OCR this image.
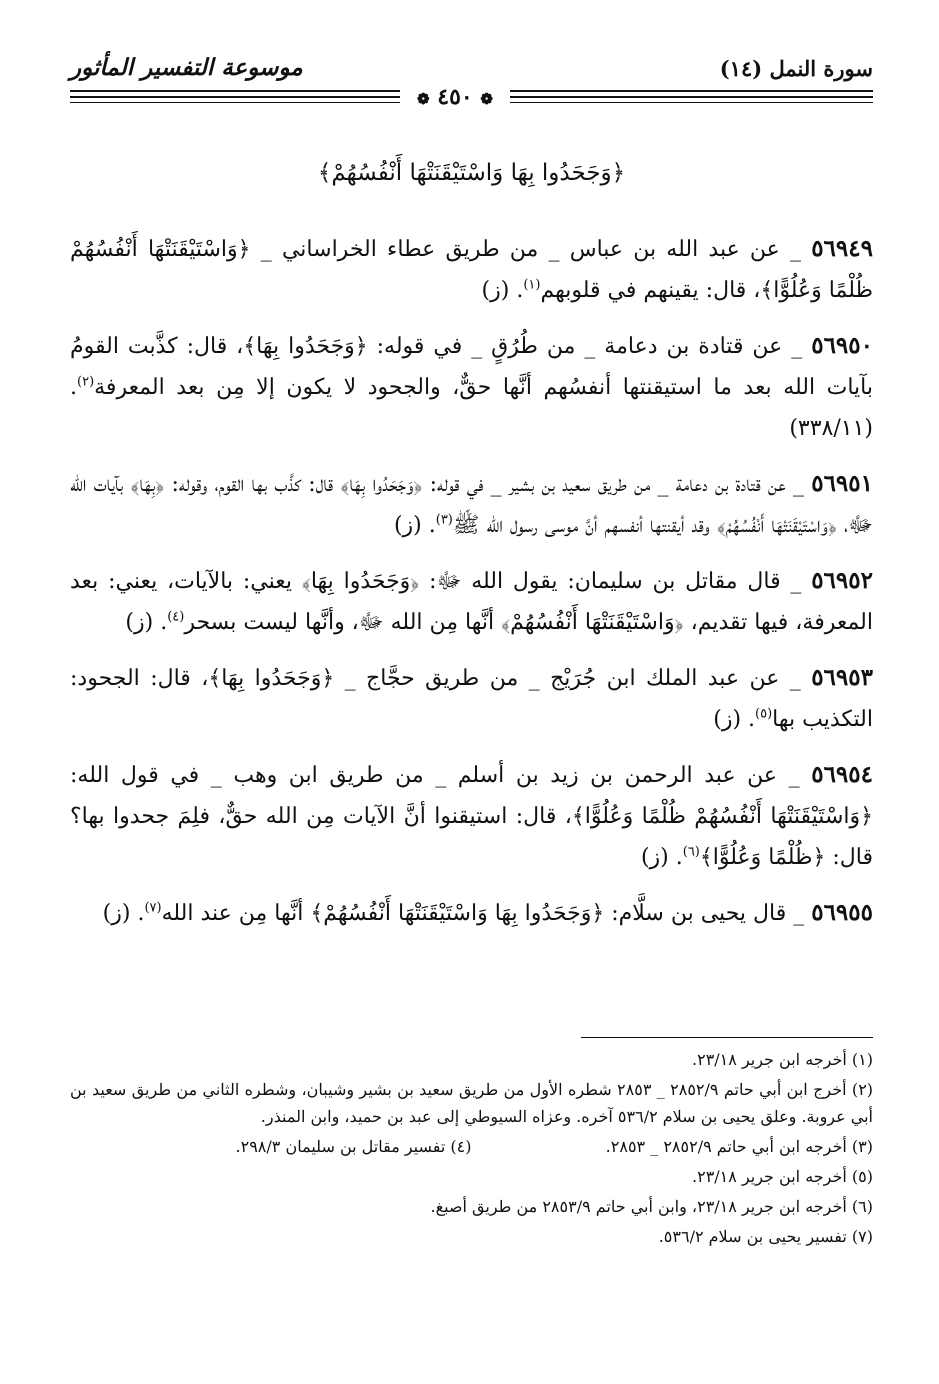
سورة النمل (١٤)
موسوعة التفسير المأثور
❁ ٤٥٠ ❁
﴿وَجَحَدُوا بِهَا وَاسْتَيْقَنَتْهَا أَنْفُسُهُمْ﴾

٥٦٩٤٩ _ عن عبد الله بن عباس _ من طريق عطاء الخراساني _ ﴿وَاسْتَيْقَنَتْهَا أَنْفُسُهُمْ ظُلْمًا وَعُلُوًّا﴾، قال: يقينهم في قلوبهم$^{(١)}$. (ز)

٥٦٩٥٠ _ عن قتادة بن دعامة _ من طُرُقٍ _ في قوله: ﴿وَجَحَدُوا بِهَا﴾، قال: كذَّبت القومُ بآيات الله بعد ما استيقنتها أنفسُهم أنَّها حقٌّ، والجحود لا يكون إلا مِن بعد المعرفة$^{(٢)}$. (٣٣٨/١١)

٥٦٩٥١ _ عن قتادة بن دعامة _ من طريق سعيد بن بشير _ في قوله: ﴿وَجَحَدُوا بِهَا﴾ قال: كذَّب بها القوم، وقوله: ﴿بِهَا﴾ بآيات الله ﷻ، ﴿وَاسْتَيْقَنَتْهَا أَنْفُسُهُمْ﴾ وقد أيقنتها أنفسهم أنَّ موسى رسول الله ﷺ$^{(٣)}$. (ز)

٥٦٩٥٢ _ قال مقاتل بن سليمان: يقول الله ﷻ: ﴿وَجَحَدُوا بِهَا﴾ يعني: بالآيات، يعني: بعد المعرفة، فيها تقديم، ﴿وَاسْتَيْقَنَتْهَا أَنْفُسُهُمْ﴾ أنَّها مِن الله ﷻ، وأنَّها ليست بسحر$^{(٤)}$. (ز)

٥٦٩٥٣ _ عن عبد الملك ابن جُرَيْج _ من طريق حجَّاج _ ﴿وَجَحَدُوا بِهَا﴾، قال: الجحود: التكذيب بها$^{(٥)}$. (ز)

٥٦٩٥٤ _ عن عبد الرحمن بن زيد بن أسلم _ من طريق ابن وهب _ في قول الله: ﴿وَاسْتَيْقَنَتْهَا أَنْفُسُهُمْ ظُلْمًا وَعُلُوًّا﴾، قال: استيقنوا أنَّ الآيات مِن الله حقٌّ، فلِمَ جحدوا بها؟ قال: ﴿ظُلْمًا وَعُلُوًّا﴾$^{(٦)}$. (ز)

٥٦٩٥٥ _ قال يحيى بن سلَّام: ﴿وَجَحَدُوا بِهَا وَاسْتَيْقَنَتْهَا أَنْفُسُهُمْ﴾ أنَّها مِن عند الله$^{(٧)}$. (ز)

(١) أخرجه ابن جرير ٢٣/١٨.

(٢) أخرج ابن أبي حاتم ٢٨٥٢/٩ _ ٢٨٥٣ شطره الأول من طريق سعيد بن بشير وشيبان، وشطره الثاني من طريق سعيد بن أبي عروبة. وعلق يحيى بن سلام ٥٣٦/٢ آخره. وعزاه السيوطي إلى عبد بن حميد، وابن المنذر.

(٣) أخرجه ابن أبي حاتم ٢٨٥٢/٩ _ ٢٨٥٣.

(٤) تفسير مقاتل بن سليمان ٢٩٨/٣.

(٥) أخرجه ابن جرير ٢٣/١٨.

(٦) أخرجه ابن جرير ٢٣/١٨، وابن أبي حاتم ٢٨٥٣/٩ من طريق أصبغ.

(٧) تفسير يحيى بن سلام ٥٣٦/٢.
